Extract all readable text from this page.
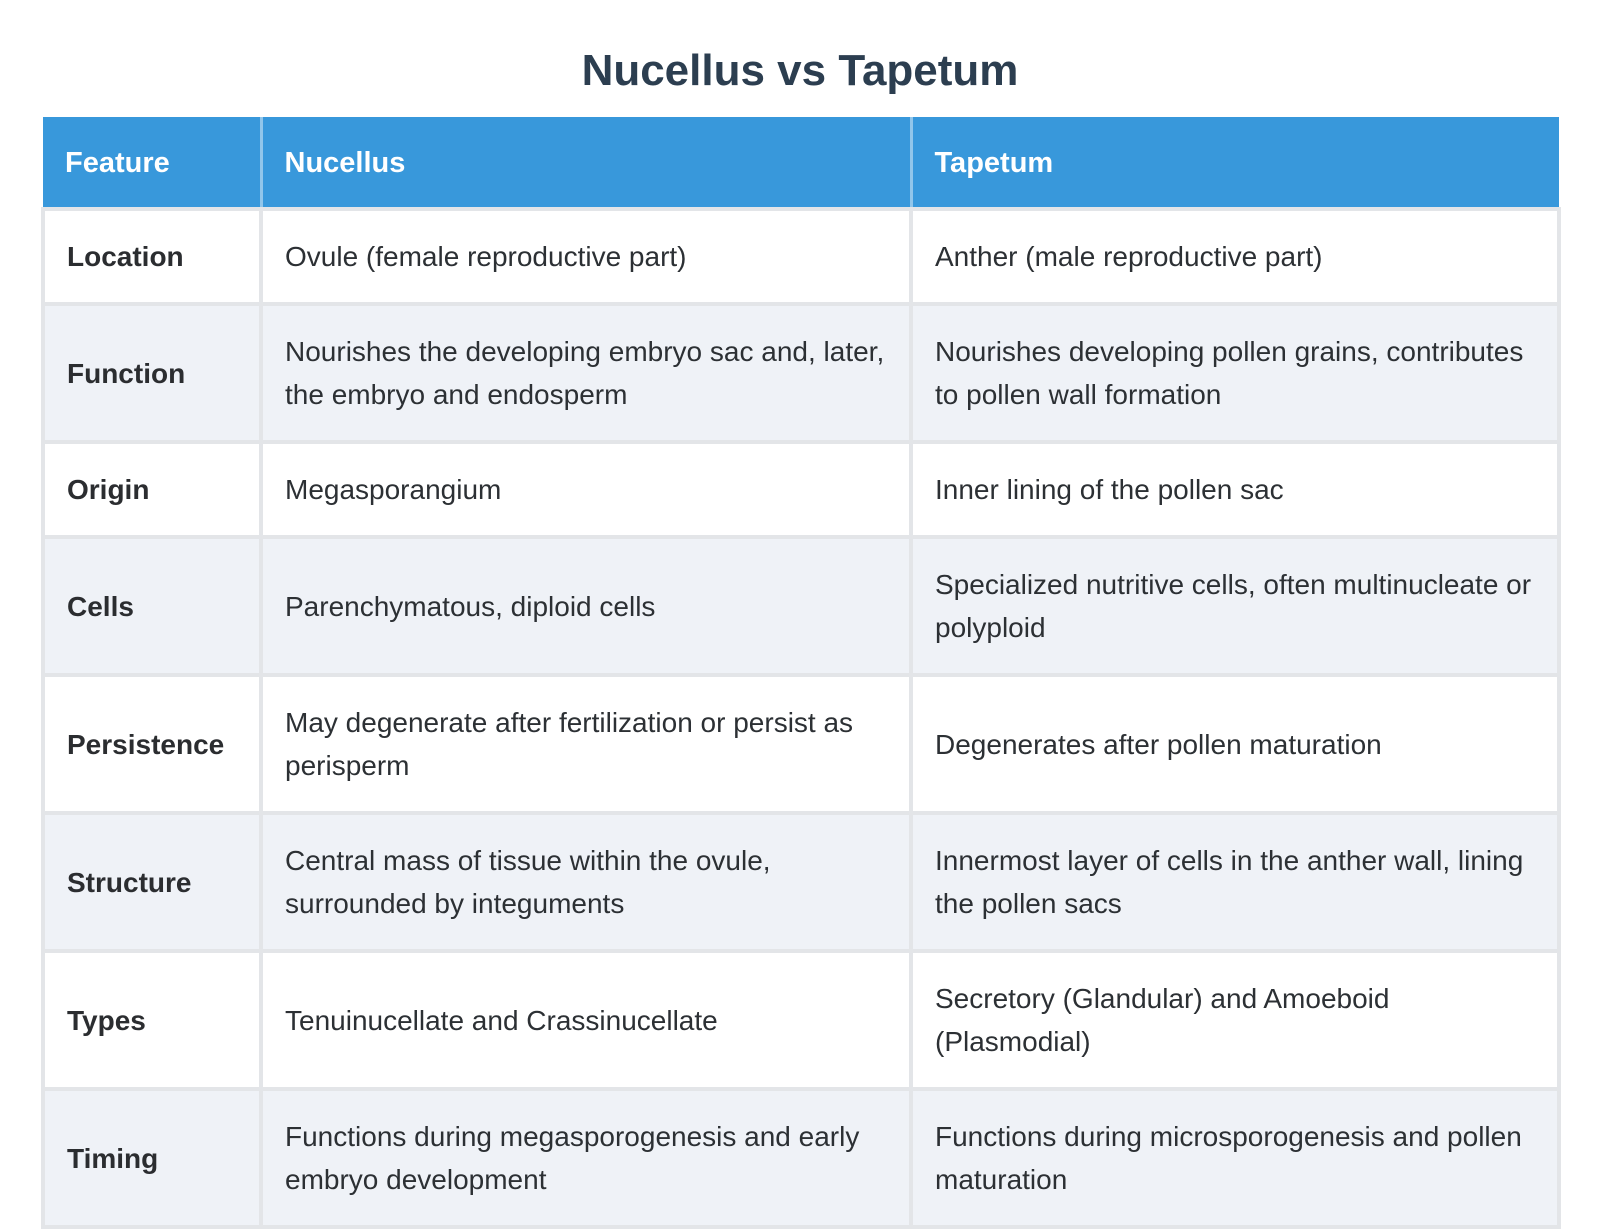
Nucellus vs Tapetum
Feature	Nucellus	Tapetum
Location	Ovule (female reproductive part)	Anther (male reproductive part)
Function	Nourishes the developing embryo sac and, later, the embryo and endosperm	Nourishes developing pollen grains, contributes to pollen wall formation
Origin	Megasporangium	Inner lining of the pollen sac
Cells	Parenchymatous, diploid cells	Specialized nutritive cells, often multinucleate or polyploid
Persistence	May degenerate after fertilization or persist as perisperm	Degenerates after pollen maturation
Structure	Central mass of tissue within the ovule, surrounded by integuments	Innermost layer of cells in the anther wall, lining the pollen sacs
Types	Tenuinucellate and Crassinucellate	Secretory (Glandular) and Amoeboid (Plasmodial)
Timing	Functions during megasporogenesis and early embryo development	Functions during microsporogenesis and pollen maturation
